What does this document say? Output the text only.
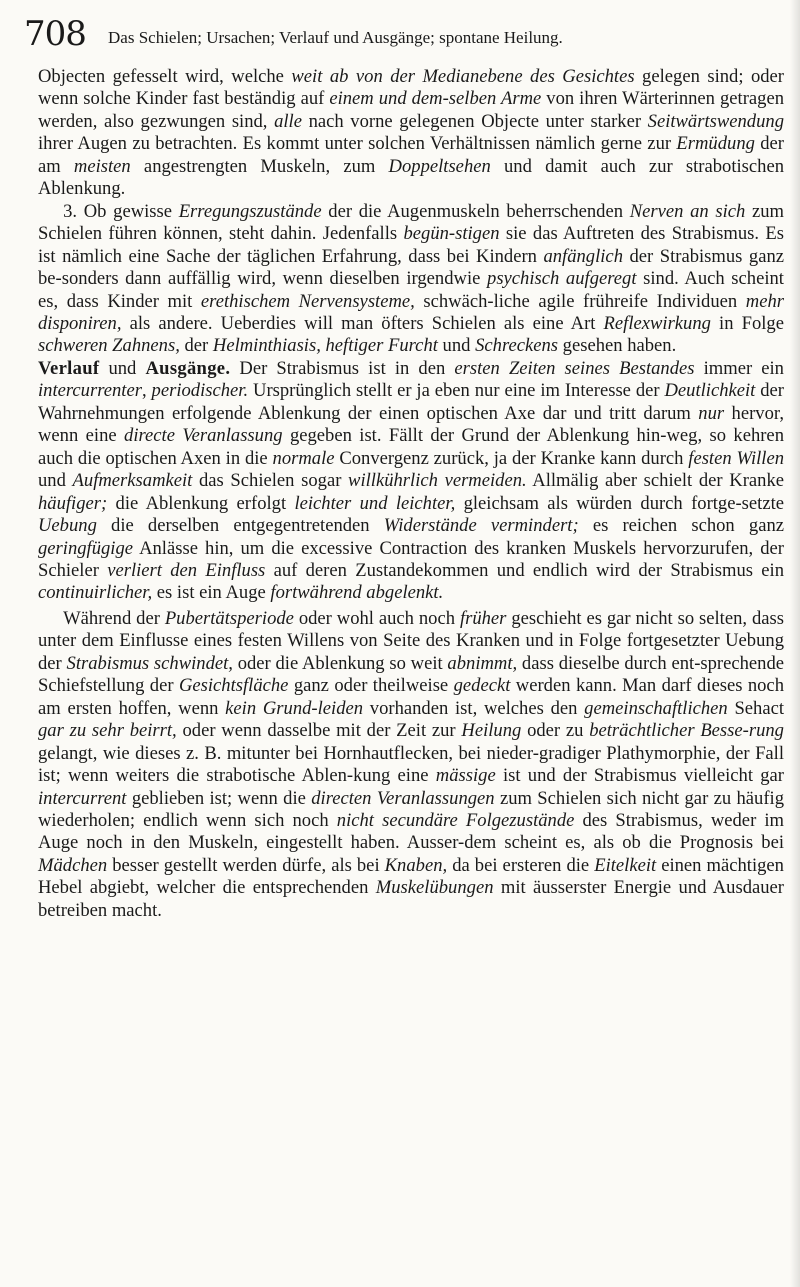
708 Das Schielen; Ursachen; Verlauf und Ausgänge; spontane Heilung.

Objecten gefesselt wird, welche weit ab von der Medianebene des Gesichtes gelegen sind; oder wenn solche Kinder fast beständig auf einem und dem-selben Arme von ihren Wärterinnen getragen werden, also gezwungen sind, alle nach vorne gelegenen Objecte unter starker Seitwärtswendung ihrer Augen zu betrachten. Es kommt unter solchen Verhältnissen nämlich gerne zur Ermüdung der am meisten angestrengten Muskeln, zum Doppeltsehen und damit auch zur strabotischen Ablenkung.

3. Ob gewisse Erregungszustände der die Augenmuskeln beherrschenden Nerven an sich zum Schielen führen können, steht dahin. Jedenfalls begün-stigen sie das Auftreten des Strabismus. Es ist nämlich eine Sache der täglichen Erfahrung, dass bei Kindern anfänglich der Strabismus ganz be-sonders dann auffällig wird, wenn dieselben irgendwie psychisch aufgeregt sind. Auch scheint es, dass Kinder mit erethischem Nervensysteme, schwäch-liche agile frühreife Individuen mehr disponiren, als andere. Ueberdies will man öfters Schielen als eine Art Reflexwirkung in Folge schweren Zahnens, der Helminthiasis, heftiger Furcht und Schreckens gesehen haben.

Verlauf und Ausgänge. Der Strabismus ist in den ersten Zeiten seines Bestandes immer ein intercurrenter, periodischer. Ursprünglich stellt er ja eben nur eine im Interesse der Deutlichkeit der Wahrnehmungen erfolgende Ablenkung der einen optischen Axe dar und tritt darum nur hervor, wenn eine directe Veranlassung gegeben ist. Fällt der Grund der Ablenkung hin-weg, so kehren auch die optischen Axen in die normale Convergenz zurück, ja der Kranke kann durch festen Willen und Aufmerksamkeit das Schielen sogar willkührlich vermeiden. Allmälig aber schielt der Kranke häufiger; die Ablenkung erfolgt leichter und leichter, gleichsam als würden durch fortge-setzte Uebung die derselben entgegentretenden Widerstände vermindert; es reichen schon ganz geringfügige Anlässe hin, um die excessive Contraction des kranken Muskels hervorzurufen, der Schieler verliert den Einfluss auf deren Zustandekommen und endlich wird der Strabismus ein continuirlicher, es ist ein Auge fortwährend abgelenkt.

Während der Pubertätsperiode oder wohl auch noch früher geschieht es gar nicht so selten, dass unter dem Einflusse eines festen Willens von Seite des Kranken und in Folge fortgesetzter Uebung der Strabismus schwindet, oder die Ablenkung so weit abnimmt, dass dieselbe durch ent-sprechende Schiefstellung der Gesichtsfläche ganz oder theilweise gedeckt werden kann. Man darf dieses noch am ersten hoffen, wenn kein Grund-leiden vorhanden ist, welches den gemeinschaftlichen Sehact gar zu sehr beirrt, oder wenn dasselbe mit der Zeit zur Heilung oder zu beträchtlicher Besse-rung gelangt, wie dieses z. B. mitunter bei Hornhautflecken, bei nieder-gradiger Plathymorphie, der Fall ist; wenn weiters die strabotische Ablen-kung eine mässige ist und der Strabismus vielleicht gar intercurrent geblieben ist; wenn die directen Veranlassungen zum Schielen sich nicht gar zu häufig wiederholen; endlich wenn sich noch nicht secundäre Folgezustände des Strabismus, weder im Auge noch in den Muskeln, eingestellt haben. Ausser-dem scheint es, als ob die Prognosis bei Mädchen besser gestellt werden dürfe, als bei Knaben, da bei ersteren die Eitelkeit einen mächtigen Hebel abgiebt, welcher die entsprechenden Muskelübungen mit äusserster Energie und Ausdauer betreiben macht.
